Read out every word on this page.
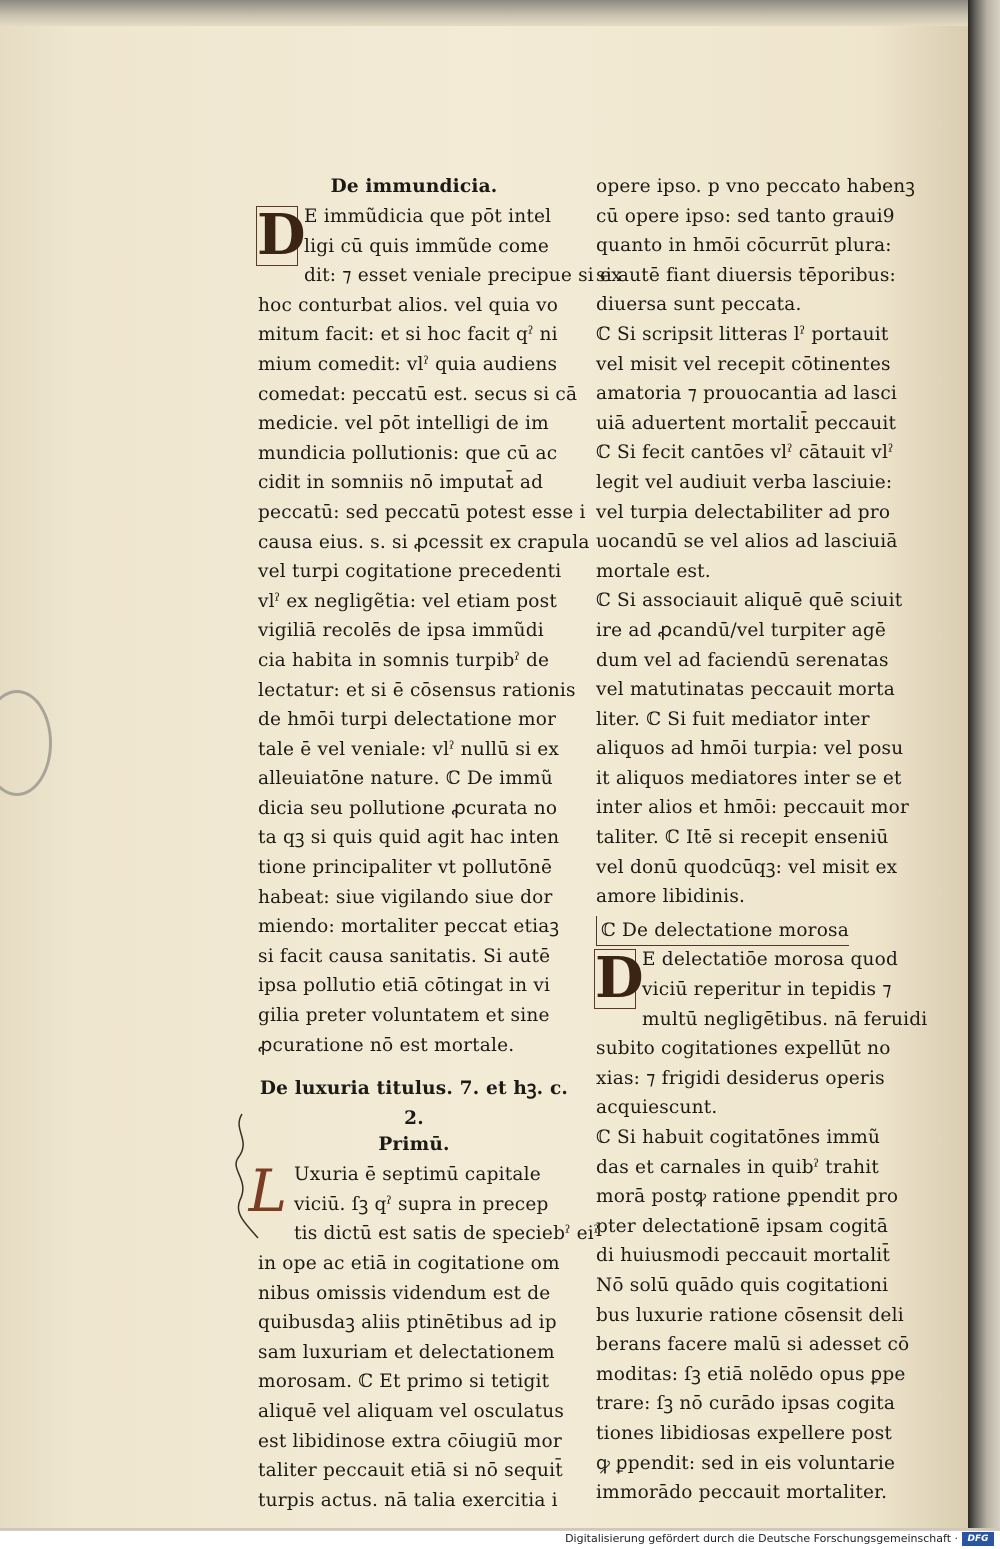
De immundicia.

D
E immũdicia que pōt intel
ligi cū quis immũde come
dit: ⁊ esset veniale precipue si ex
hoc conturbat alios. vel quia vo
mitum facit: et si hoc facit qˀ ni
mium comedit: vlˀ quia audiens
comedat: peccatū est. secus si cā
medicie. vel pōt intelligi de im
mundicia pollutionis: que cū ac
cidit in somniis nō imputat̄ ad
peccatū: sed peccatū potest esse i
causa eius. s. si ꝓcessit ex crapula
vel turpi cogitatione precedenti
vlˀ ex negligẽtia: vel etiam post
vigiliā recolēs de ipsa immũdi
cia habita in somnis turpibˀ de
lectatur: et si ē cōsensus rationis
de hmōi turpi delectatione mor
tale ē vel veniale: vlˀ nullū si ex
alleuiatōne nature. ℂ De immũ
dicia seu pollutione ꝓcurata no
ta qꝫ si quis quid agit hac inten
tione principaliter vt pollutōnē
habeat: siue vigilando siue dor
miendo: mortaliter peccat etiaꝫ
si facit causa sanitatis. Si autē
ipsa pollutio etiā cōtingat in vi
gilia preter voluntatem et sine
ꝓcuratione nō est mortale.

De luxuria titulus. 7. et hꝫ. c. 2.

Primū.

L Uxuria ē septimū capitale
viciū. ſꝫ qˀ supra in precep
tis dictū est satis de speciebˀ eiˀ
in ope ac etiā in cogitatione om
nibus omissis videndum est de
quibusdaꝫ aliis ptinētibus ad ip
sam luxuriam et delectationem
morosam. ℂ Et primo si tetigit
aliquē vel aliquam vel osculatus
est libidinose extra cōiugiū mor
taliter peccauit etiā si nō sequit̄
turpis actus. nā talia exercitia i
opere ipso. p vno peccato habenꝫ
cū opere ipso: sed tanto graui9
quanto in hmōi cōcurrūt plura:
si autē fiant diuersis tēporibus:
diuersa sunt peccata.
ℂ Si scripsit litteras lˀ portauit
vel misit vel recepit cōtinentes
amatoria ⁊ prouocantia ad lasci
uiā aduertent mortalit̄ peccauit
ℂ Si fecit cantōes vlˀ cātauit vlˀ
legit vel audiuit verba lasciuie:
vel turpia delectabiliter ad pro
uocandū se vel alios ad lasciuiā
mortale est.
ℂ Si associauit aliquē quē sciuit
ire ad ꝓcandū/vel turpiter agē
dum vel ad faciendū serenatas
vel matutinatas peccauit morta
liter. ℂ Si fuit mediator inter
aliquos ad hmōi turpia: vel posu
it aliquos mediatores inter se et
inter alios et hmōi: peccauit mor
taliter. ℂ Itē si recepit enseniū
vel donū quodcūqꝫ: vel misit ex
amore libidinis.
ℂ De delectatione morosa
D
E delectatiōe morosa quod
viciū reperitur in tepidis ⁊
multū negligētibus. nā feruidi
subito cogitationes expellūt no
xias: ⁊ frigidi desiderus operis
acquiescunt.
ℂ Si habuit cogitatōnes immũ
das et carnales in quibˀ trahit
morā postꝙ ratione ꝑpendit pro
pter delectationē ipsam cogitā
di huiusmodi peccauit mortalit̄
Nō solū quādo quis cogitationi
bus luxurie ratione cōsensit deli
berans facere malū si adesset cō
moditas: ſꝫ etiā nolēdo opus ꝑpe
trare: ſꝫ nō curādo ipsas cogita
tiones libidiosas expellere post
ꝙ ꝑpendit: sed in eis voluntarie
immorādo peccauit mortaliter.
Digitalisierung gefördert durch die Deutsche Forschungsgemeinschaft ·	DFG
